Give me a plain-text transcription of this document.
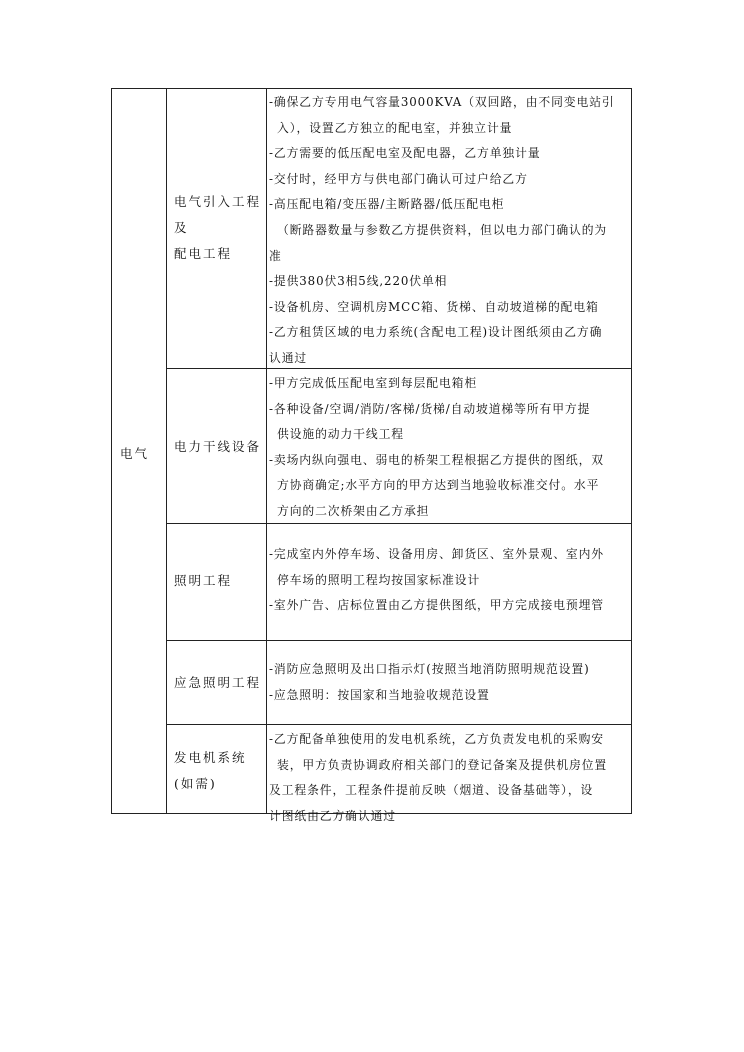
电气
电气引入工程
及
配电工程
-确保乙方专用电气容量3000KVA（双回路，由不同变电站引
入），设置乙方独立的配电室，并独立计量
-乙方需要的低压配电室及配电器，乙方单独计量
-交付时，经甲方与供电部门确认可过户给乙方
-高压配电箱/变压器/主断路器/低压配电柜
（断路器数量与参数乙方提供资料，但以电力部门确认的为
准
-提供380伏3相5线,220伏单相
-设备机房、空调机房MCC箱、货梯、自动坡道梯的配电箱
-乙方租赁区域的电力系统(含配电工程)设计图纸须由乙方确
认通过
电力干线设备
-甲方完成低压配电室到每层配电箱柜
-各种设备/空调/消防/客梯/货梯/自动坡道梯等所有甲方提
供设施的动力干线工程
-卖场内纵向强电、弱电的桥架工程根据乙方提供的图纸，双
方协商确定;水平方向的甲方达到当地验收标准交付。水平
方向的二次桥架由乙方承担
照明工程
-完成室内外停车场、设备用房、卸货区、室外景观、室内外
停车场的照明工程均按国家标准设计
-室外广告、店标位置由乙方提供图纸，甲方完成接电预埋管
应急照明工程
-消防应急照明及出口指示灯(按照当地消防照明规范设置)
-应急照明：按国家和当地验收规范设置
发电机系统
(如需)
-乙方配备单独使用的发电机系统，乙方负责发电机的采购安
装，甲方负责协调政府相关部门的登记备案及提供机房位置
及工程条件，工程条件提前反映（烟道、设备基础等），设
计图纸由乙方确认通过
